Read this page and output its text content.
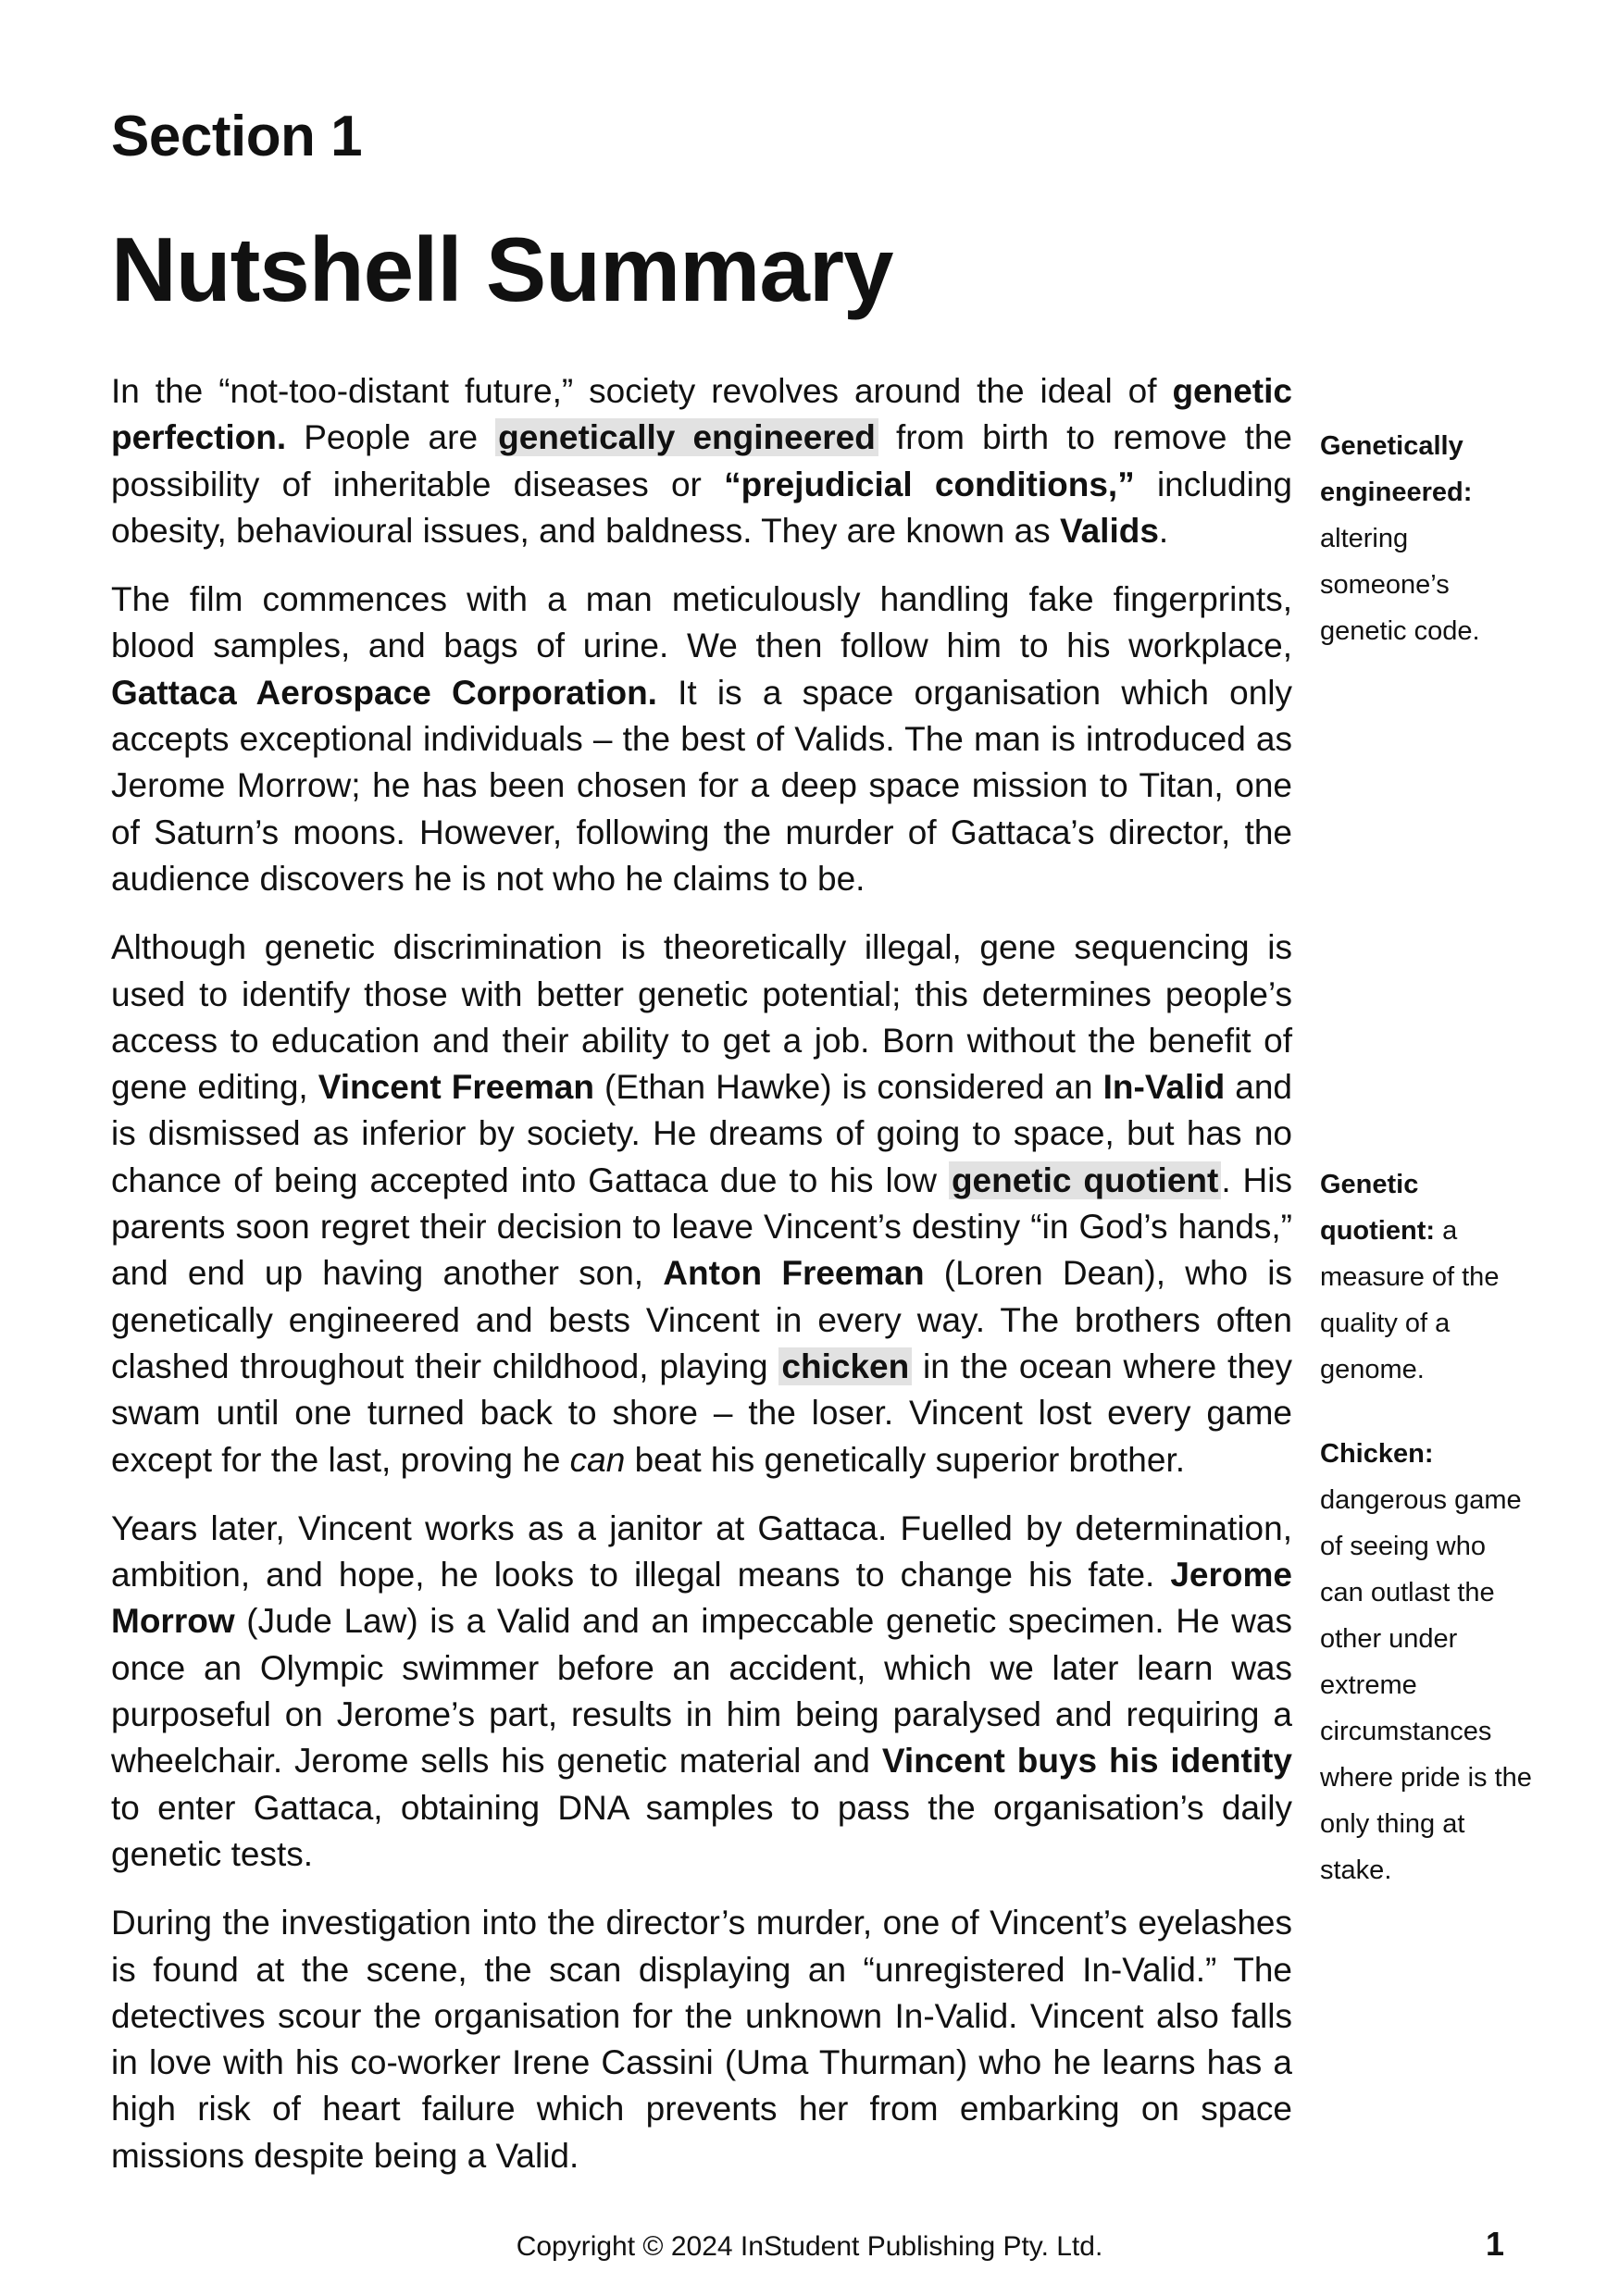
Section 1
Nutshell Summary

In the “not-too-distant future,” society revolves around the ideal of genetic perfection. People are genetically engineered from birth to remove the possibility of inheritable diseases or “prejudicial conditions,” including obesity, behavioural issues, and baldness. They are known as Valids.

The film commences with a man meticulously handling fake fingerprints, blood samples, and bags of urine. We then follow him to his workplace, Gattaca Aerospace Corporation. It is a space organisation which only accepts exceptional individuals – the best of Valids. The man is introduced as Jerome Morrow; he has been chosen for a deep space mission to Titan, one of Saturn’s moons. However, following the murder of Gattaca’s director, the audience discovers he is not who he claims to be.

Although genetic discrimination is theoretically illegal, gene sequencing is used to identify those with better genetic potential; this determines people’s access to education and their ability to get a job. Born without the benefit of gene editing, Vincent Freeman (Ethan Hawke) is considered an In-Valid and is dismissed as inferior by society. He dreams of going to space, but has no chance of being accepted into Gattaca due to his low genetic quotient. His parents soon regret their decision to leave Vincent’s destiny “in God’s hands,” and end up having another son, Anton Freeman (Loren Dean), who is genetically engineered and bests Vincent in every way. The brothers often clashed throughout their childhood, playing chicken in the ocean where they swam until one turned back to shore – the loser. Vincent lost every game except for the last, proving he can beat his genetically superior brother.

Years later, Vincent works as a janitor at Gattaca. Fuelled by determination, ambition, and hope, he looks to illegal means to change his fate. Jerome Morrow (Jude Law) is a Valid and an impeccable genetic specimen. He was once an Olympic swimmer before an accident, which we later learn was purposeful on Jerome’s part, results in him being paralysed and requiring a wheelchair. Jerome sells his genetic material and Vincent buys his identity to enter Gattaca, obtaining DNA samples to pass the organisation’s daily genetic tests.

During the investigation into the director’s murder, one of Vincent’s eyelashes is found at the scene, the scan displaying an “unregistered In-Valid.” The detectives scour the organisation for the unknown In-Valid. Vincent also falls in love with his co-worker Irene Cassini (Uma Thurman) who he learns has a high risk of heart failure which prevents her from embarking on space missions despite being a Valid.

Genetically engineered: altering someone’s genetic code.
Genetic quotient: a measure of the quality of a genome.
Chicken: dangerous game of seeing who can outlast the other under extreme circumstances where pride is the only thing at stake.
Copyright © 2024 InStudent Publishing Pty. Ltd.	1
